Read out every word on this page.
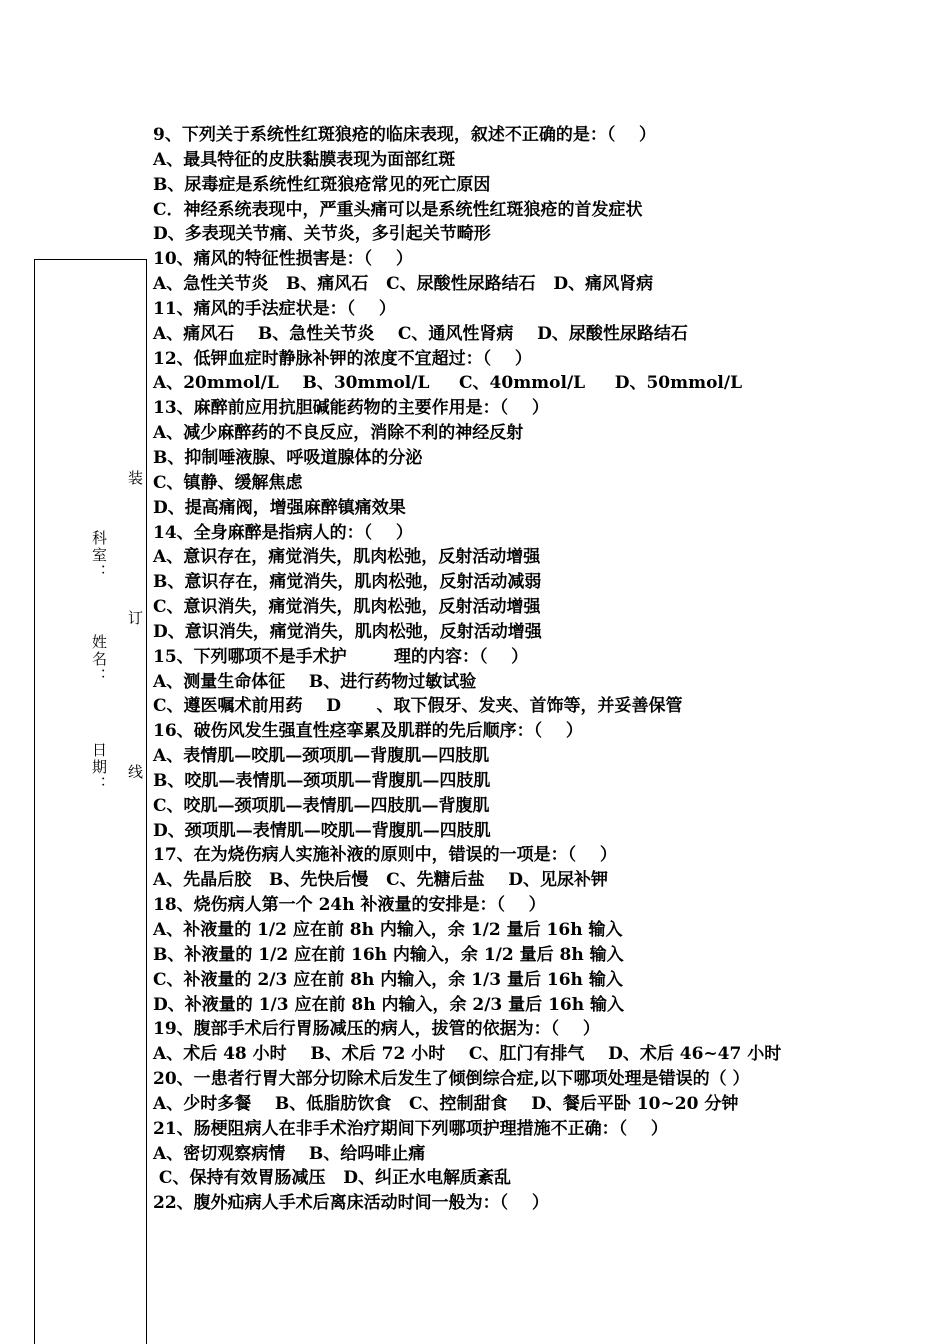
装
订
线
科室：
姓名：
日期：
9、下列关于系统性红斑狼疮的临床表现，叙述不正确的是：（    ）
A、最具特征的皮肤黏膜表现为面部红斑
B、尿毒症是系统性红斑狼疮常见的死亡原因
C．神经系统表现中，严重头痛可以是系统性红斑狼疮的首发症状
D、多表现关节痛、关节炎，多引起关节畸形
10、痛风的特征性损害是：（    ）
A、急性关节炎   B、痛风石   C、尿酸性尿路结石   D、痛风肾病
11、痛风的手法症状是：（    ）
A、痛风石    B、急性关节炎    C、通风性肾病    D、尿酸性尿路结石
12、低钾血症时静脉补钾的浓度不宜超过：（    ）
A、20mmol/L    B、30mmol/L     C、40mmol/L     D、50mmol/L
13、麻醉前应用抗胆碱能药物的主要作用是：（    ）
A、减少麻醉药的不良反应，消除不利的神经反射
B、抑制唾液腺、呼吸道腺体的分泌
C、镇静、缓解焦虑
D、提高痛阀，增强麻醉镇痛效果
14、全身麻醉是指病人的：（    ）
A、意识存在，痛觉消失，肌肉松弛，反射活动增强
B、意识存在，痛觉消失，肌肉松弛，反射活动减弱
C、意识消失，痛觉消失，肌肉松弛，反射活动增强
D、意识消失，痛觉消失，肌肉松弛，反射活动增强
15、下列哪项不是手术护        理的内容：（    ）
A、测量生命体征    B、进行药物过敏试验
C、遵医嘱术前用药    D      、取下假牙、发夹、首饰等，并妥善保管
16、破伤风发生强直性痉挛累及肌群的先后顺序：（    ）
A、表情肌—咬肌—颈项肌—背腹肌—四肢肌
B、咬肌—表情肌—颈项肌—背腹肌—四肢肌
C、咬肌—颈项肌—表情肌—四肢肌—背腹肌
D、颈项肌—表情肌—咬肌—背腹肌—四肢肌
17、在为烧伤病人实施补液的原则中，错误的一项是：（    ）
A、先晶后胶   B、先快后慢   C、先糖后盐    D、见尿补钾
18、烧伤病人第一个 24h 补液量的安排是：（    ）
A、补液量的 1/2 应在前 8h 内输入，余 1/2 量后 16h 输入
B、补液量的 1/2 应在前 16h 内输入，余 1/2 量后 8h 输入
C、补液量的 2/3 应在前 8h 内输入，余 1/3 量后 16h 输入
D、补液量的 1/3 应在前 8h 内输入，余 2/3 量后 16h 输入
19、腹部手术后行胃肠减压的病人，拔管的依据为：（    ）
A、术后 48 小时    B、术后 72 小时    C、肛门有排气    D、术后 46~47 小时
20、一患者行胃大部分切除术后发生了倾倒综合症,以下哪项处理是错误的（ ）
A、少时多餐    B、低脂肪饮食   C、控制甜食    D、餐后平卧 10~20 分钟
21、肠梗阻病人在非手术治疗期间下列哪项护理措施不正确：（    ）
A、密切观察病情    B、给吗啡止痛
C、保持有效胃肠减压   D、纠正水电解质紊乱
22、腹外疝病人手术后离床活动时间一般为：（    ）
